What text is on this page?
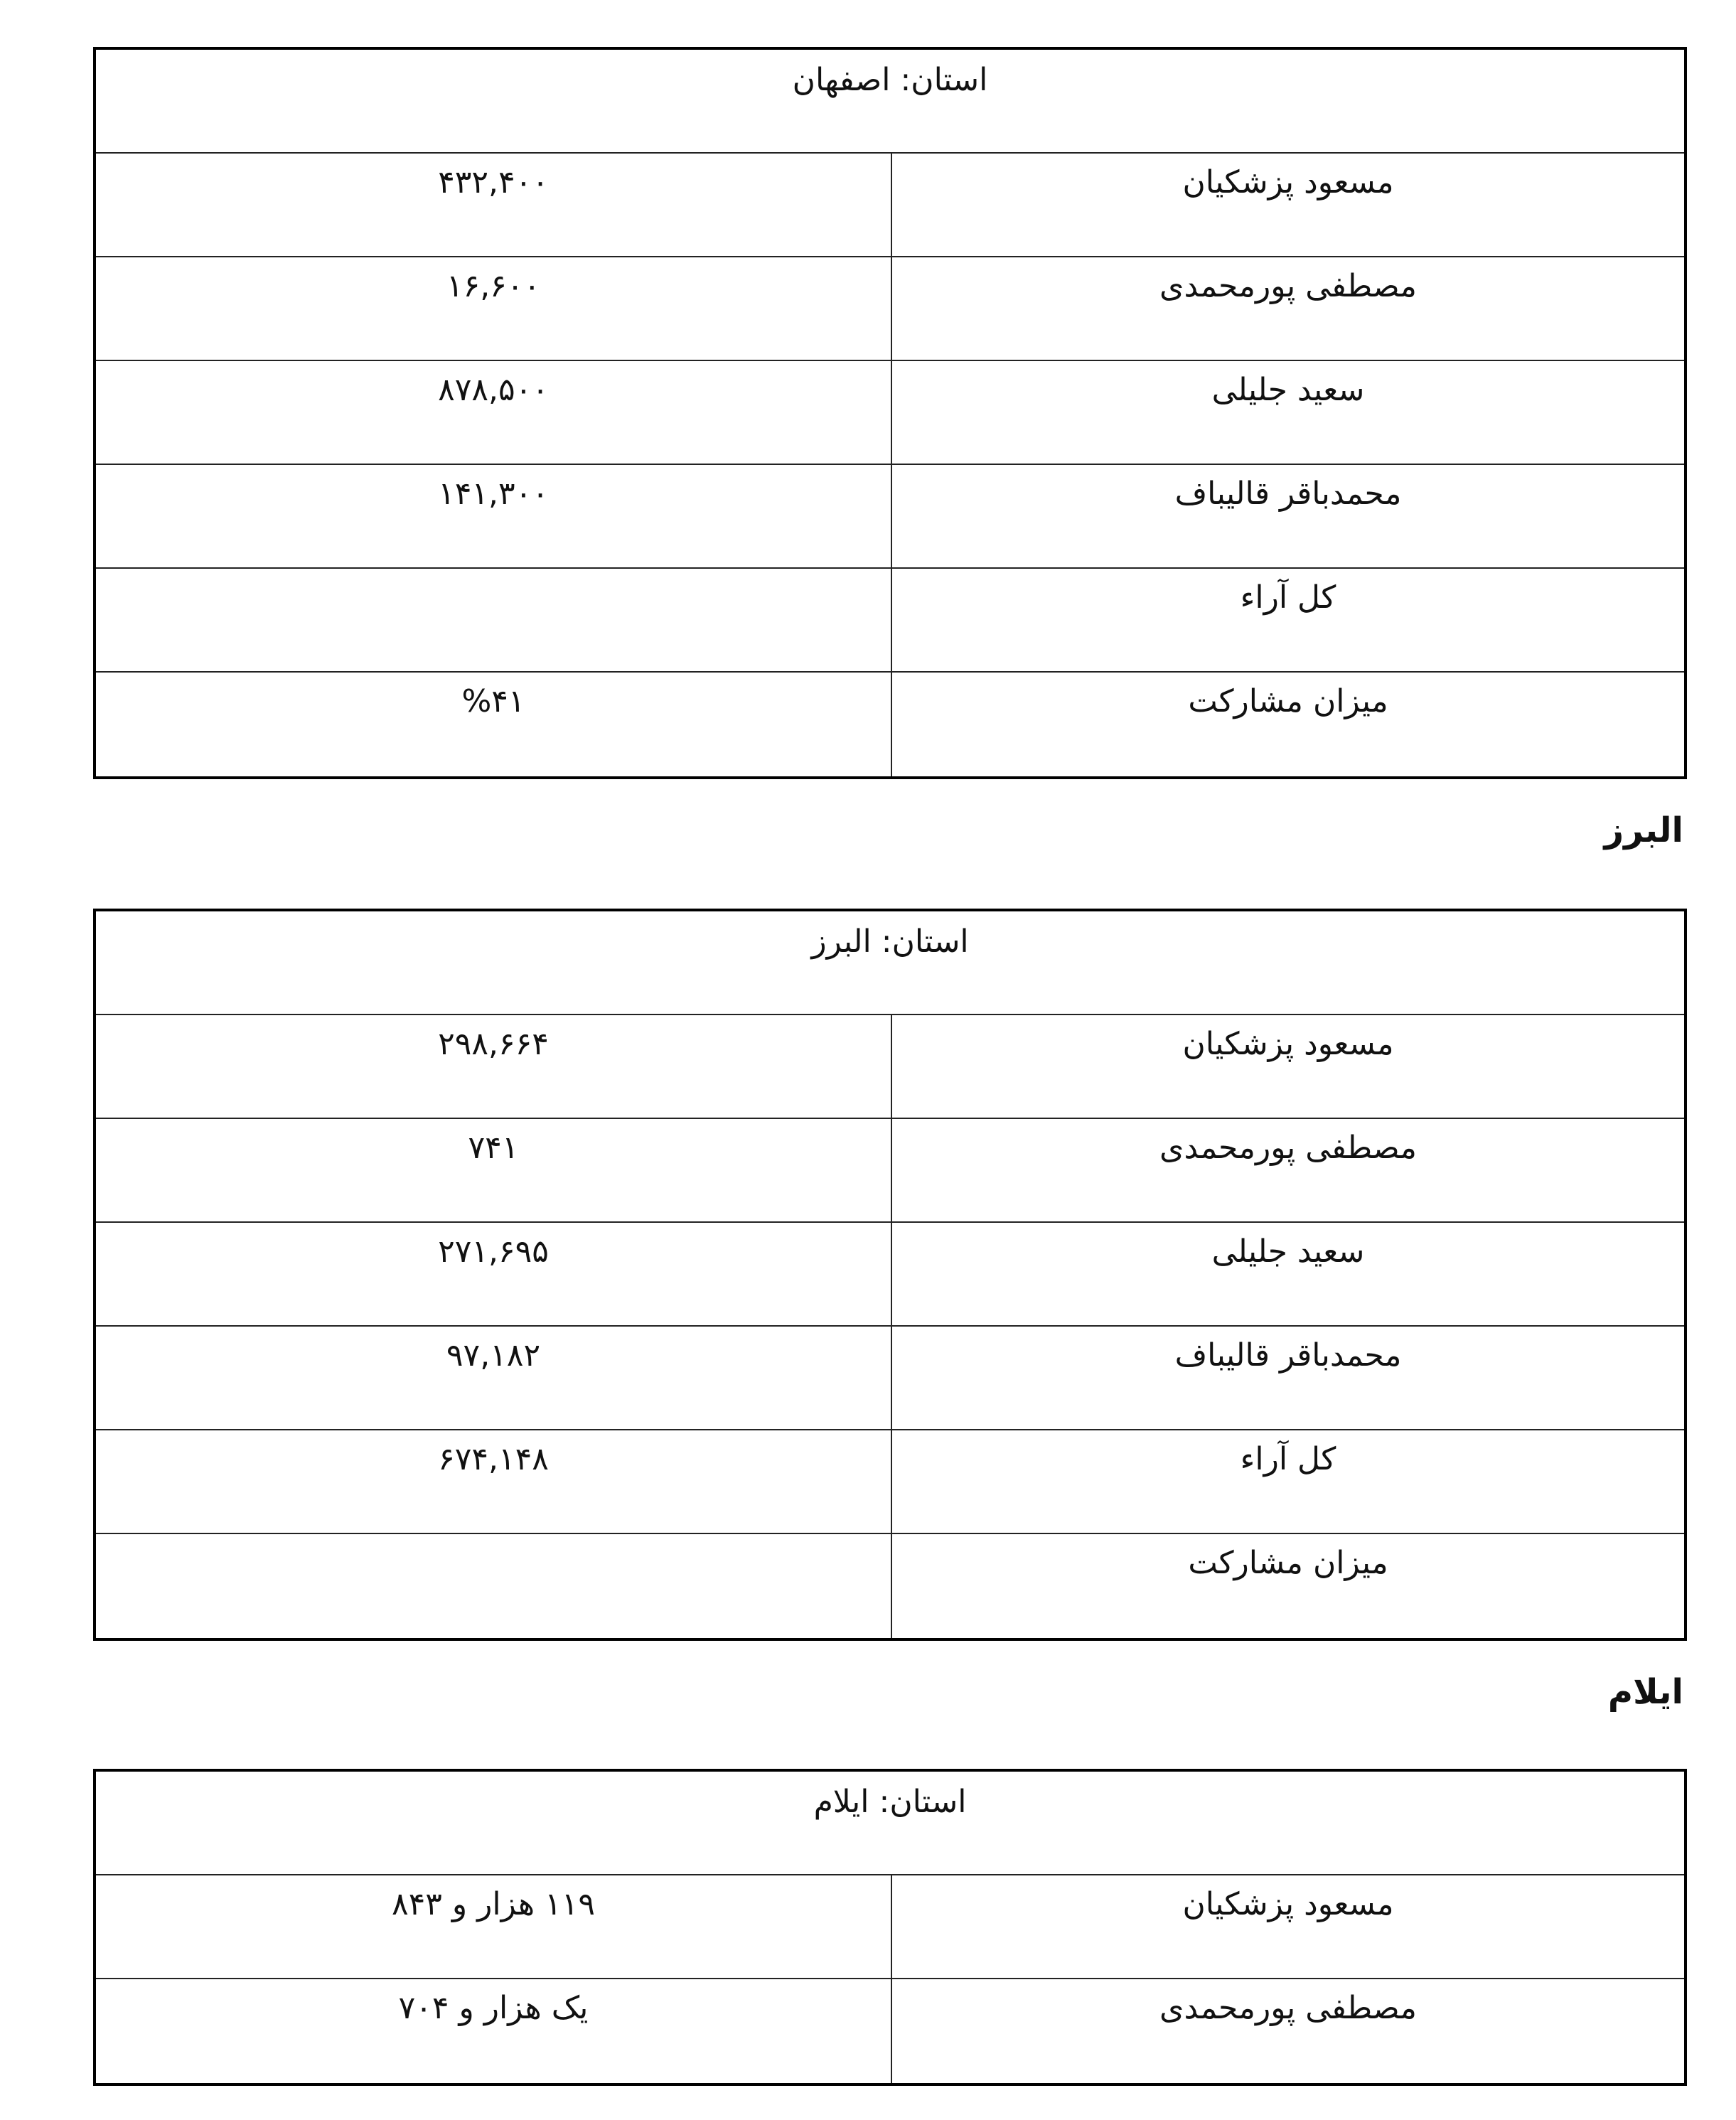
استان: اصفهان
۴۳۲,۴۰۰	مسعود پزشکیان
۱۶,۶۰۰	مصطفی پورمحمدی
۸۷۸,۵۰۰	سعید جلیلی
۱۴۱,۳۰۰	محمدباقر قالیباف
کل آراء
%۴۱	میزان مشارکت
البرز
استان: البرز
۲۹۸,۶۶۴	مسعود پزشکیان
۷۴۱	مصطفی پورمحمدی
۲۷۱,۶۹۵	سعید جلیلی
۹۷,۱۸۲	محمدباقر قالیباف
۶۷۴,۱۴۸	کل آراء
میزان مشارکت
ایلام
استان: ایلام
۱۱۹ هزار و ۸۴۳	مسعود پزشکیان
یک هزار و ۷۰۴	مصطفی پورمحمدی
